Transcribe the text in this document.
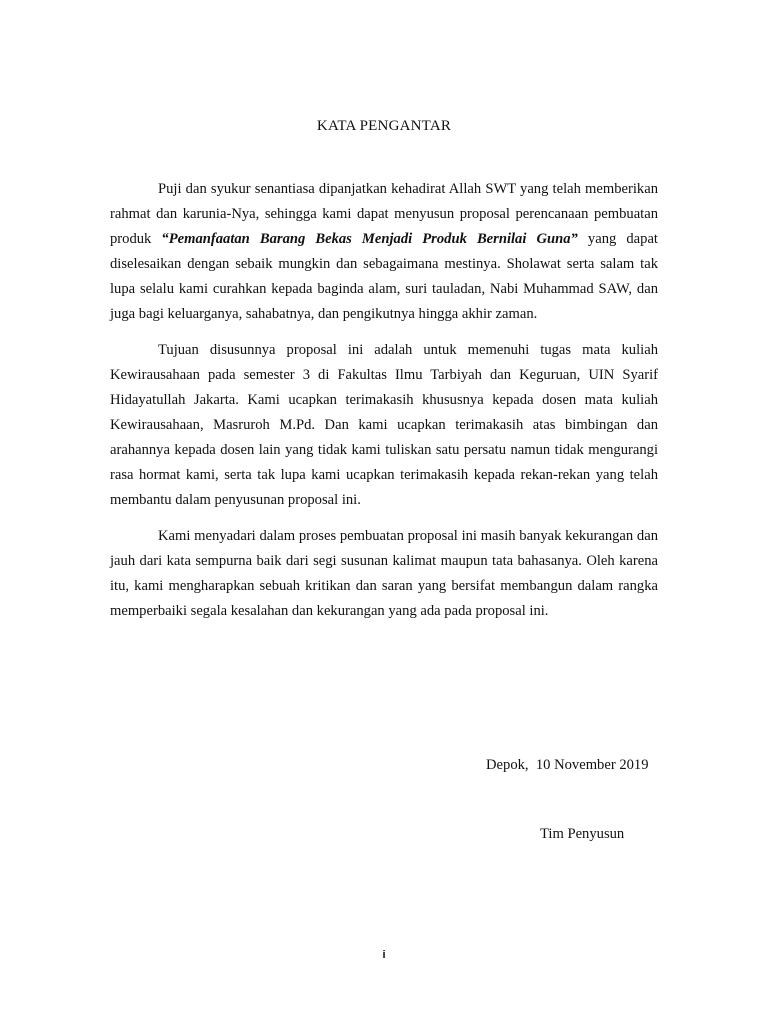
KATA PENGANTAR

Puji dan syukur senantiasa dipanjatkan kehadirat Allah SWT yang telah memberikan rahmat dan karunia-Nya, sehingga kami dapat menyusun proposal perencanaan pembuatan produk “Pemanfaatan Barang Bekas Menjadi Produk Bernilai Guna” yang dapat diselesaikan dengan sebaik mungkin dan sebagaimana mestinya. Sholawat serta salam tak lupa selalu kami curahkan kepada baginda alam, suri tauladan, Nabi Muhammad SAW, dan juga bagi keluarganya, sahabatnya, dan pengikutnya hingga akhir zaman.

Tujuan disusunnya proposal ini adalah untuk memenuhi tugas mata kuliah Kewirausahaan pada semester 3 di Fakultas Ilmu Tarbiyah dan Keguruan, UIN Syarif Hidayatullah Jakarta. Kami ucapkan terimakasih khususnya kepada dosen mata kuliah Kewirausahaan, Masruroh M.Pd. Dan kami ucapkan terimakasih atas bimbingan dan arahannya kepada dosen lain yang tidak kami tuliskan satu persatu namun tidak mengurangi rasa hormat kami, serta tak lupa kami ucapkan terimakasih kepada rekan-rekan yang telah membantu dalam penyusunan proposal ini.

Kami menyadari dalam proses pembuatan proposal ini masih banyak kekurangan dan jauh dari kata sempurna baik dari segi susunan kalimat maupun tata bahasanya. Oleh karena itu, kami mengharapkan sebuah kritikan dan saran yang bersifat membangun dalam rangka memperbaiki segala kesalahan dan kekurangan yang ada pada proposal ini.

Depok,  10 November 2019
Tim Penyusun
i
